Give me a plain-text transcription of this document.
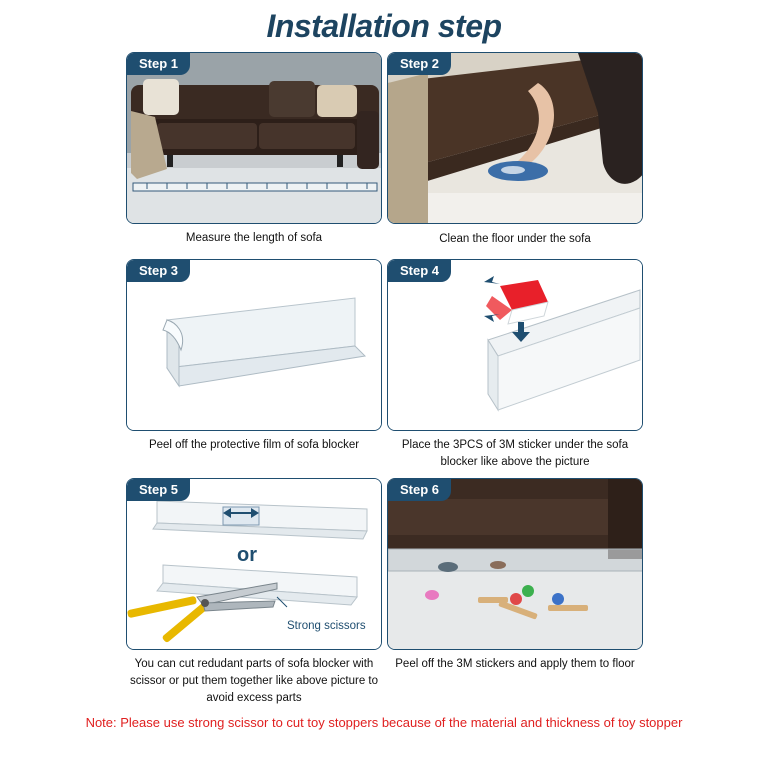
Installation step
Step 1
Measure the length of sofa
Step 2
Clean the floor under the sofa
Step 3
Peel off the protective film of sofa blocker
Step 4
Place the 3PCS of 3M sticker under the sofa blocker like above the picture
Step 5
or
Strong scissors
You can cut redudant parts of sofa blocker with scissor or put them together like above picture to avoid excess parts
Step 6
Peel off the 3M stickers and apply them to floor
Note: Please use strong scissor to cut toy stoppers because of the material and thickness of toy stopper
